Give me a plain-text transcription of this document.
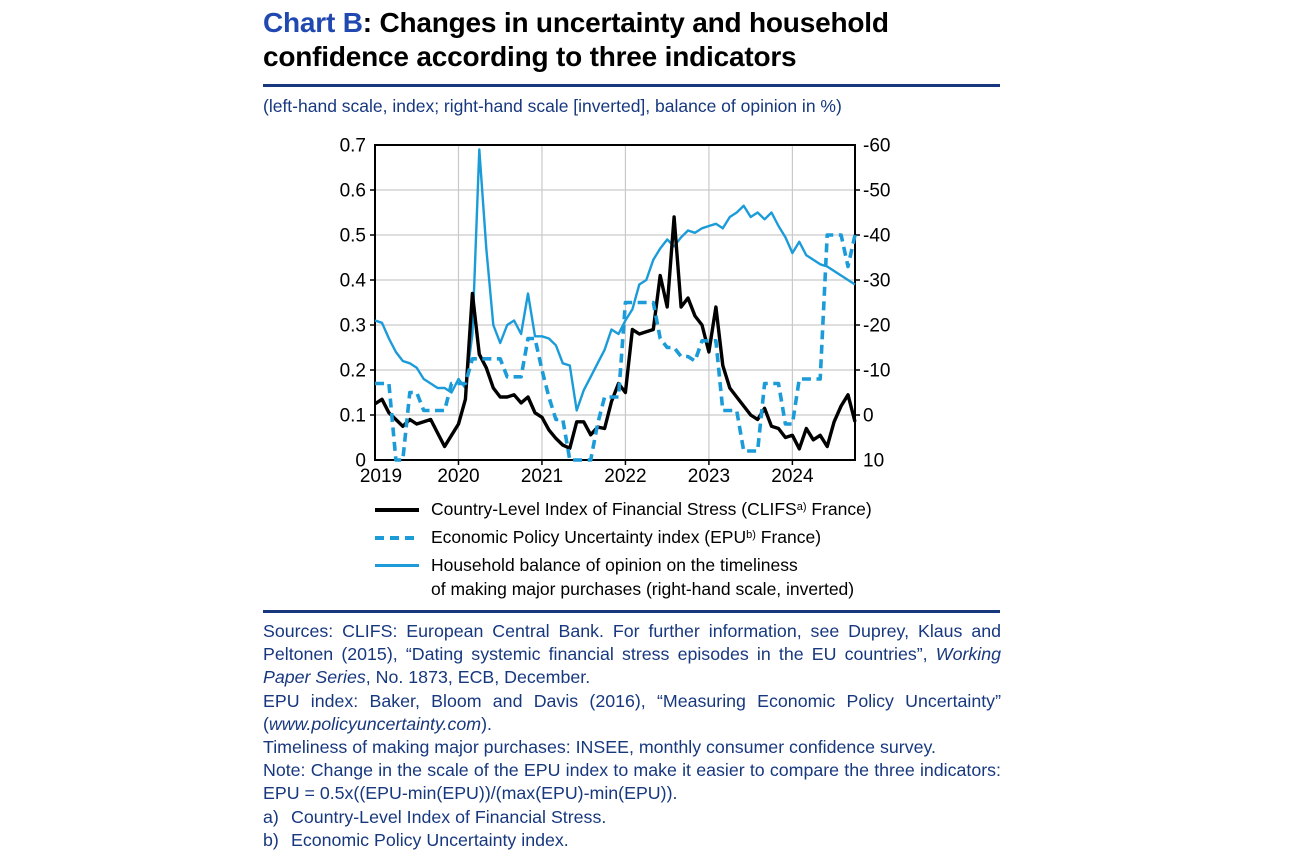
Chart B: Changes in uncertainty and household
confidence according to three indicators
(left-hand scale, index; right-hand scale [inverted], balance of opinion in %)
0.7
0.6
0.5
0.4
0.3
0.2
0.1
0
-60
-50
-40
-30
-20
-10
0
10
2019 2020 2021 2022 2023 2024
Country-Level Index of Financial Stress (CLIFS$^{a)}$ France)
Economic Policy Uncertainty index (EPU$^{b)}$ France)
Household balance of opinion on the timeliness
of making major purchases (right-hand scale, inverted)

Sources: CLIFS: European Central Bank. For further information, see Duprey, Klaus and Peltonen (2015), “Dating systemic financial stress episodes in the EU countries”, Working Paper Series, No. 1873, ECB, December.

EPU index: Baker, Bloom and Davis (2016), “Measuring Economic Policy Uncertainty” (www.policyuncertainty.com).

Timeliness of making major purchases: INSEE, monthly consumer confidence survey.

Note: Change in the scale of the EPU index to make it easier to compare the three indicators: EPU = 0.5x((EPU-min(EPU))/(max(EPU)-min(EPU)).

a) Country-Level Index of Financial Stress.

b) Economic Policy Uncertainty index.
